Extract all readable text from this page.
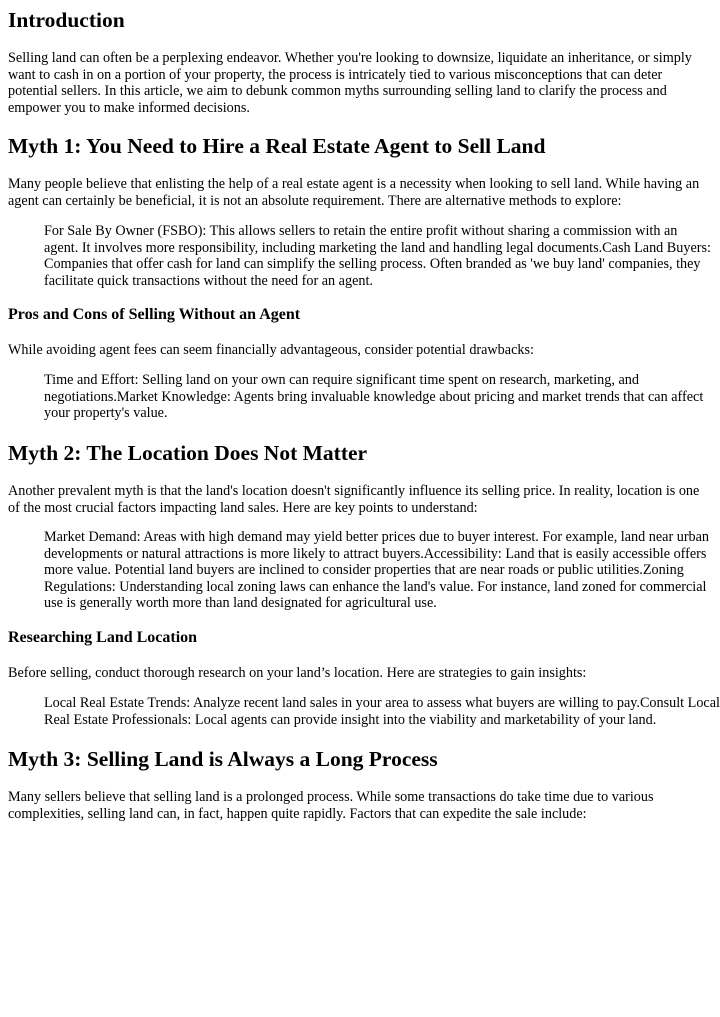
Introduction

Selling land can often be a perplexing endeavor. Whether you're looking to downsize, liquidate an inheritance, or simply want to cash in on a portion of your property, the process is intricately tied to various misconceptions that can deter potential sellers. In this article, we aim to debunk common myths surrounding selling land to clarify the process and empower you to make informed decisions.

Myth 1: You Need to Hire a Real Estate Agent to Sell Land

Many people believe that enlisting the help of a real estate agent is a necessity when looking to sell land. While having an agent can certainly be beneficial, it is not an absolute requirement. There are alternative methods to explore:

For Sale By Owner (FSBO): This allows sellers to retain the entire profit without sharing a commission with an agent. It involves more responsibility, including marketing the land and handling legal documents.Cash Land Buyers: Companies that offer cash for land can simplify the selling process. Often branded as 'we buy land' companies, they facilitate quick transactions without the need for an agent.
Pros and Cons of Selling Without an Agent

While avoiding agent fees can seem financially advantageous, consider potential drawbacks:

Time and Effort: Selling land on your own can require significant time spent on research, marketing, and negotiations.Market Knowledge: Agents bring invaluable knowledge about pricing and market trends that can affect your property's value.
Myth 2: The Location Does Not Matter

Another prevalent myth is that the land's location doesn't significantly influence its selling price. In reality, location is one of the most crucial factors impacting land sales. Here are key points to understand:

Market Demand: Areas with high demand may yield better prices due to buyer interest. For example, land near urban developments or natural attractions is more likely to attract buyers.Accessibility: Land that is easily accessible offers more value. Potential land buyers are inclined to consider properties that are near roads or public utilities.Zoning Regulations: Understanding local zoning laws can enhance the land's value. For instance, land zoned for commercial use is generally worth more than land designated for agricultural use.
Researching Land Location

Before selling, conduct thorough research on your land’s location. Here are strategies to gain insights:

Local Real Estate Trends: Analyze recent land sales in your area to assess what buyers are willing to pay.Consult Local Real Estate Professionals: Local agents can provide insight into the viability and marketability of your land.
Myth 3: Selling Land is Always a Long Process

Many sellers believe that selling land is a prolonged process. While some transactions do take time due to various complexities, selling land can, in fact, happen quite rapidly. Factors that can expedite the sale include:
